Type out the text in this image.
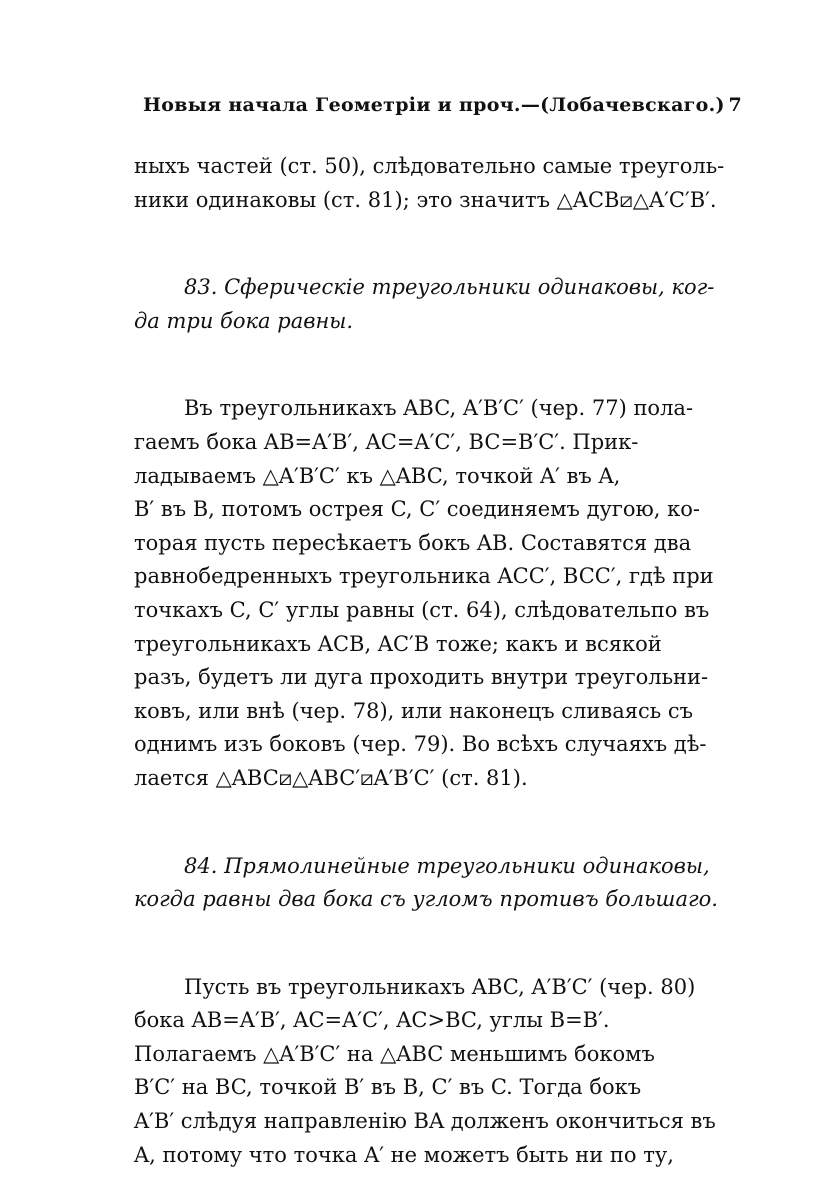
Новыя начала Геометріи и проч.—(Лобачевскаго.) 7
ныхъ частей (ст. 50), слѣдовательно самые треуголь-
ники одинаковы (ст. 81); это значитъ △ACB⧄△A′C′B′.
83. Сферическіе треугольники одинаковы, ког-
да три бока равны.
Въ треугольникахъ ABC, A′B′C′ (чер. 77) пола-
гаемъ бока AB=A′B′, AC=A′C′, BC=B′C′. Прик-
ладываемъ △A′B′C′ къ △ABC, точкой A′ въ A,
B′ въ B, потомъ острея C, C′ соединяемъ дугою, ко-
торая пусть пересѣкаетъ бокъ AB. Составятся два
равнобедренныхъ треугольника ACC′, BCC′, гдѣ при
точкахъ C, C′ углы равны (ст. 64), слѣдовательпо въ
треугольникахъ ACB, AC′B тоже; какъ и всякой
разъ, будетъ ли дуга проходить внутри треугольни-
ковъ, или внѣ (чер. 78), или наконецъ сливаясь съ
однимъ изъ боковъ (чер. 79). Во всѣхъ случаяхъ дѣ-
лается △ABC⧄△ABC′⧄A′B′C′ (ст. 81).
84. Прямолинейные треугольники одинаковы,
когда равны два бока съ угломъ противъ большаго.
Пусть въ треугольникахъ ABC, A′B′C′ (чер. 80)
бока AB=A′B′, AC=A′C′, AC>BC, углы B=B′.
Полагаемъ △A′B′C′ на △ABC меньшимъ бокомъ
B′C′ на BC, точкой B′ въ B, C′ въ C. Тогда бокъ
A′B′ слѣдуя направленію BA долженъ окончиться въ
A, потому что точка A′ не можетъ быть ни по ту,
